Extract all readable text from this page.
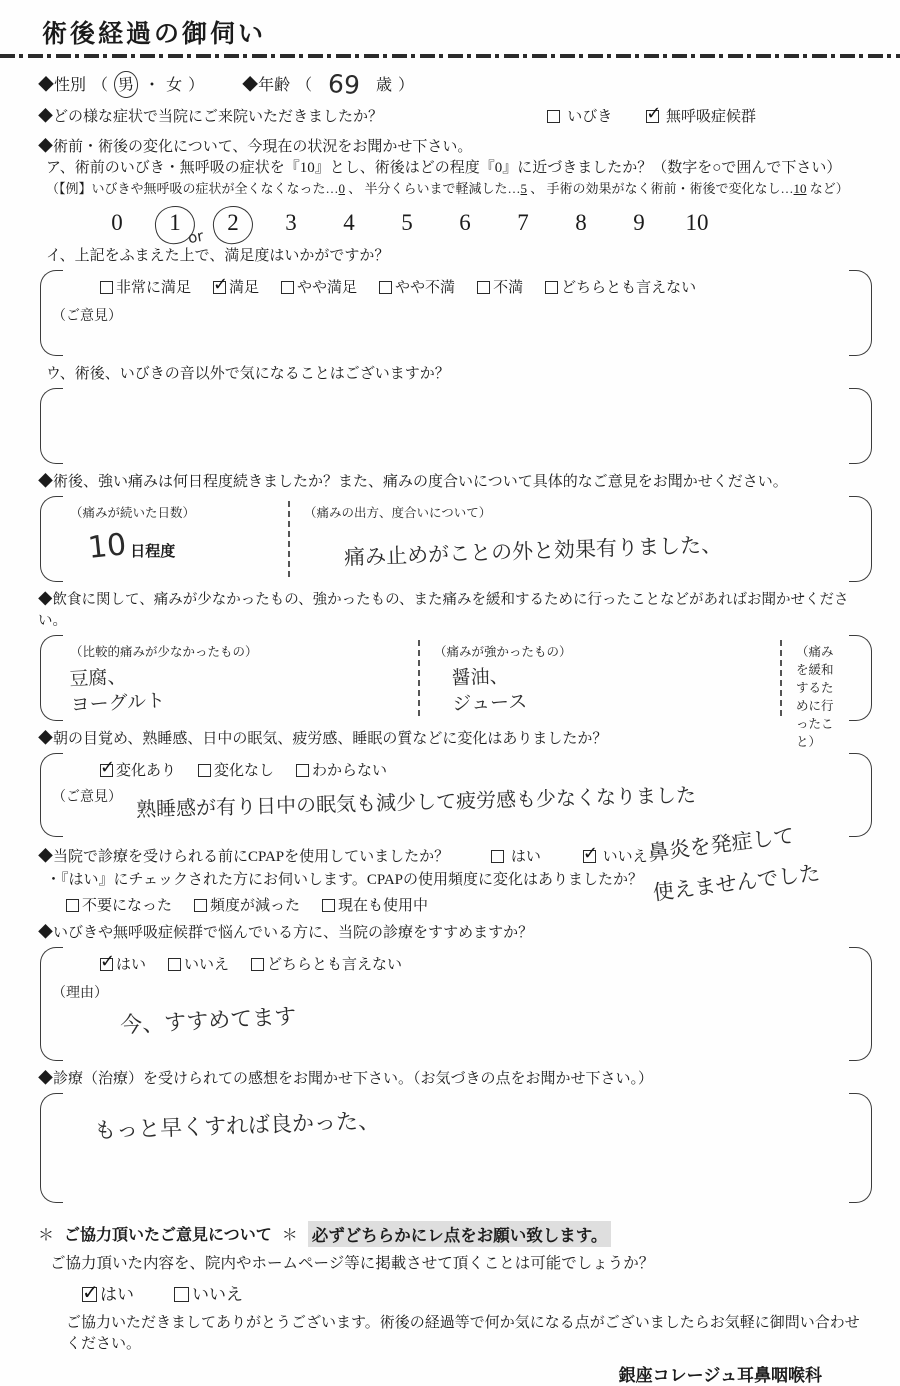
術後経過の御伺い
◆性別 （ 男 ・ 女 ） ◆年齢 （ 69 歳 ）
◆どの様な症状で当院にご来院いただきましたか？	いびき ✓	無呼吸症候群
◆術前・術後の変化について、今現在の状況をお聞かせ下さい。
ア、術前のいびき・無呼吸の症状を『10』とし、術後はどの程度『0』に近づきましたか？（数字を○で囲んで下さい）
（【例】いびきや無呼吸の症状が全くなくなった…0 、 半分くらいまで軽減した…5 、 手術の効果がなく術前・術後で変化なし…10 など）
0	1	2	3	4	5	6	7	8	9	10
or
イ、上記をふまえた上で、満足度はいかがですか？
非常に満足 ✓	満足	やや満足	やや不満	不満	どちらとも言えない
（ご意見）
ウ、術後、いびきの音以外で気になることはございますか？
◆術後、強い痛みは何日程度続きましたか？また、痛みの度合いについて具体的なご意見をお聞かせください。
（痛みが続いた日数）
10 日程度
（痛みの出方、度合いについて）
痛み止めがことの外と効果有りました、
◆飲食に関して、痛みが少なかったもの、強かったもの、また痛みを緩和するために行ったことなどがあればお聞かせください。
（比較的痛みが少なかったもの）
豆腐、
ヨーグルト
（痛みが強かったもの）
醤油、
ジュース
（痛みを緩和するために行ったこと）
◆朝の目覚め、熟睡感、日中の眠気、疲労感、睡眠の質などに変化はありましたか？
✓変化あり	変化なし	わからない
（ご意見） 熟睡感が有り日中の眠気も減少して疲労感も少なくなりました
◆当院で診療を受けられる前にCPAPを使用していましたか？	はい ✓	いいえ
・『はい』にチェックされた方にお伺いします。CPAPの使用頻度に変化はありましたか？
不要になった	頻度が減った	現在も使用中
鼻炎を発症して
使えませんでした
◆いびきや無呼吸症候群で悩んでいる方に、当院の診療をすすめますか？
✓はい	いいえ	どちらとも言えない
（理由）
今、すすめてます
◆診療（治療）を受けられての感想をお聞かせ下さい。（お気づきの点をお聞かせ下さい。）
もっと早くすれば良かった、
＊ ご協力頂いたご意見について ＊ 必ずどちらかにレ点をお願い致します。
ご協力頂いた内容を、院内やホームページ等に掲載させて頂くことは可能でしょうか？
✓はい	いいえ
ご協力いただきましてありがとうございます。術後の経過等で何か気になる点がございましたらお気軽に御問い合わせください。
銀座コレージュ耳鼻咽喉科
